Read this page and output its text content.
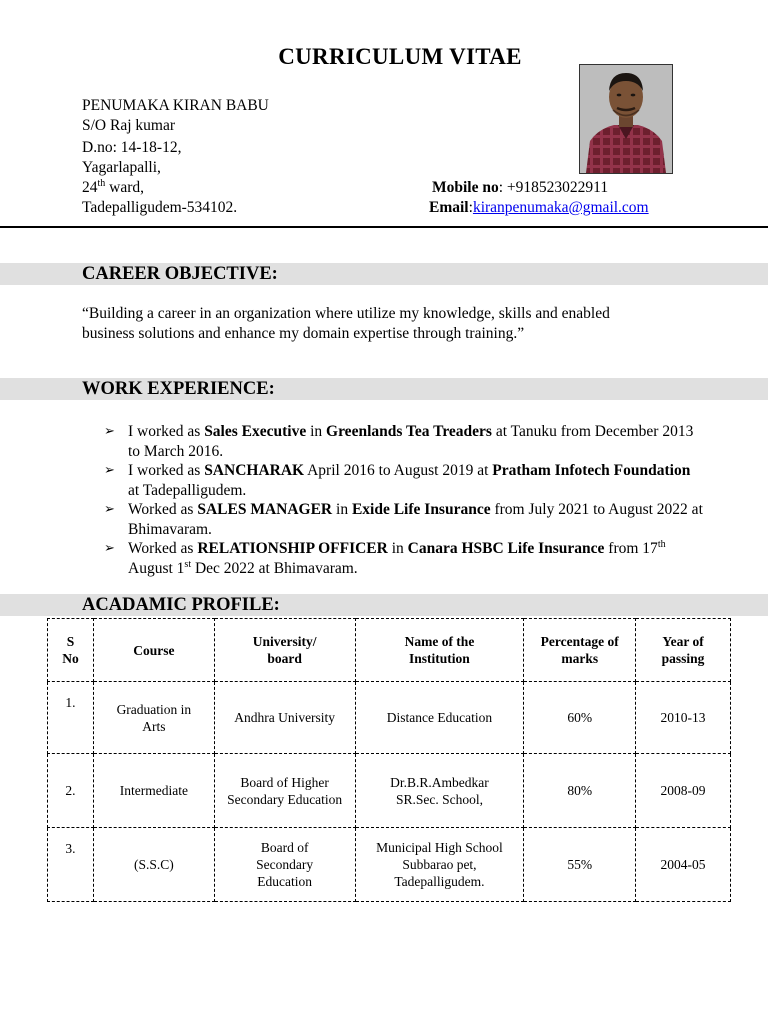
CURRICULUM VITAE
PENUMAKA KIRAN BABU
S/O Raj kumar
D.no: 14-18-12,
Yagarlapalli,
24th ward,
Tadepalligudem-534102.
Mobile no: +918523022911
Email:kiranpenumaka@gmail.com
CAREER OBJECTIVE:
“Building a career in an organization where utilize my knowledge, skills and enabled business solutions and enhance my domain expertise through training.”
WORK EXPERIENCE:
➢ I worked as Sales Executive in Greenlands Tea Treaders at Tanuku from December 2013 to March 2016.
➢ I worked as SANCHARAK April 2016 to August 2019 at Pratham Infotech Foundation at Tadepalligudem.
➢ Worked as SALES MANAGER in Exide Life Insurance from July 2021 to August 2022 at Bhimavaram.
➢ Worked as RELATIONSHIP OFFICER in Canara HSBC Life Insurance from 17th August 1st Dec 2022 at Bhimavaram.
ACADAMIC PROFILE:
S No	Course	University/ board	Name of the Institution	Percentage of marks	Year of passing
1.	Graduation in Arts	Andhra University	Distance Education	60%	2010-13
2.	Intermediate	Board of Higher Secondary Education	Dr.B.R.Ambedkar SR.Sec. School,	80%	2008-09
3.	(S.S.C)	Board of Secondary Education	Municipal High School Subbarao pet, Tadepalligudem.	55%	2004-05
